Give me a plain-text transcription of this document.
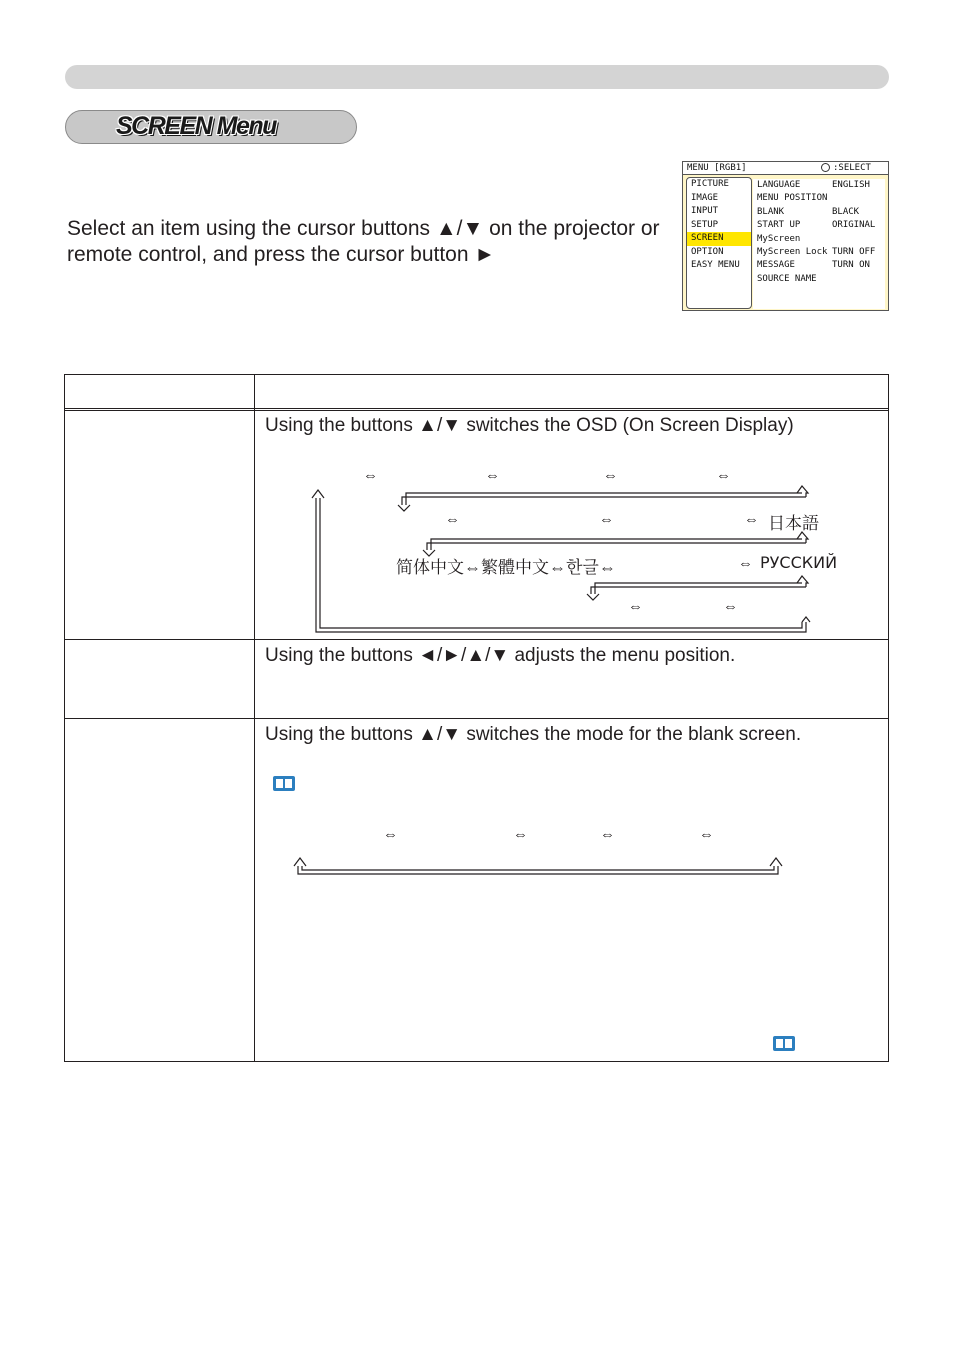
SCREEN Menu
Select an item using the cursor buttons ▲/▼ on the projector or remote control, and press the cursor button ►
MENU [RGB1]	:SELECT
PICTURE
IMAGE
INPUT
SETUP
SCREEN
OPTION
EASY MENU
LANGUAGE	ENGLISH
MENU POSITION
BLANK	BLACK
START UP	ORIGINAL
MyScreen
MyScreen Lock TURN OFF
MESSAGE	TURN ON
SOURCE NAME
Using the buttons ▲/▼ switches the OSD (On Screen Display)
⇔	⇔	⇔	⇔
⇔	⇔	⇔ 日本語
简体中文⇔繁體中文⇔한글⇔	⇔ РУССКИЙ
⇔	⇔
Using the buttons ◄/►/▲/▼ adjusts the menu position.
Using the buttons ▲/▼ switches the mode for the blank screen.
⇔	⇔	⇔	⇔
